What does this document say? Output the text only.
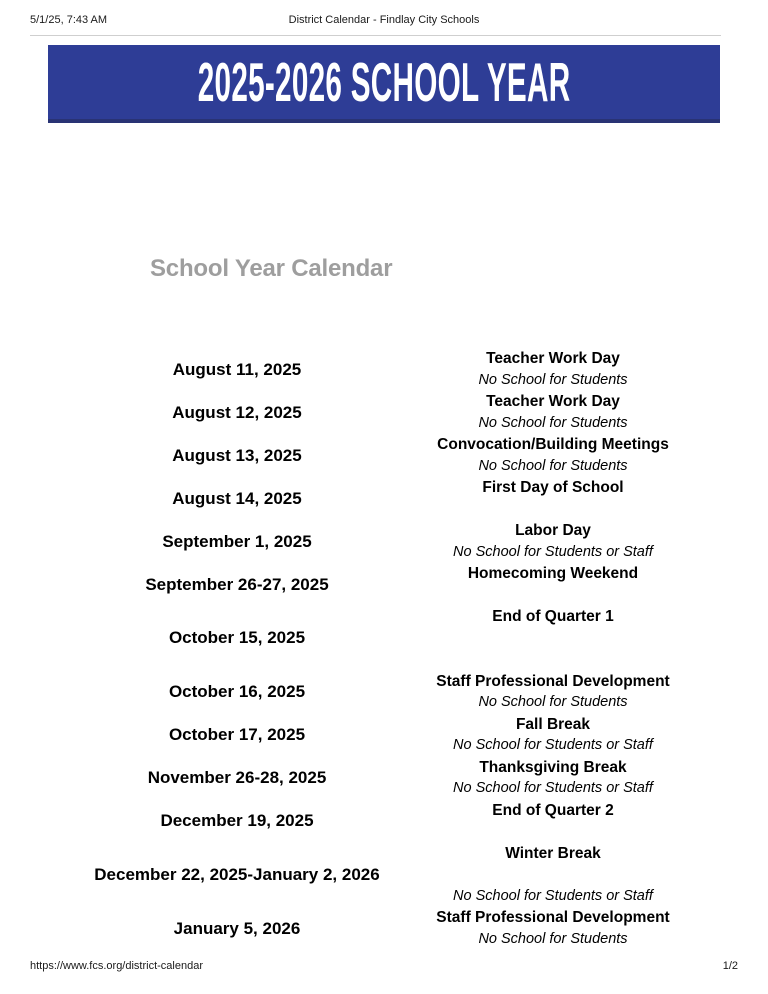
5/1/25, 7:43 AM	District Calendar - Findlay City Schools
2025-2026 SCHOOL YEAR
School Year Calendar
August 11, 2025
Teacher Work Day
No School for Students
August 12, 2025
Teacher Work Day
No School for Students
August 13, 2025
Convocation/Building Meetings
No School for Students
August 14, 2025
First Day of School

September 1, 2025
Labor Day
No School for Students or Staff
September 26-27, 2025
Homecoming Weekend

October 15, 2025
End of Quarter 1

October 16, 2025
Staff Professional Development
No School for Students
October 17, 2025
Fall Break
No School for Students or Staff
November 26-28, 2025
Thanksgiving Break
No School for Students or Staff
December 19, 2025
End of Quarter 2

December 22, 2025-January 2, 2026
Winter Break

No School for Students or Staff
January 5, 2026
Staff Professional Development
No School for Students
https://www.fcs.org/district-calendar	1/2
